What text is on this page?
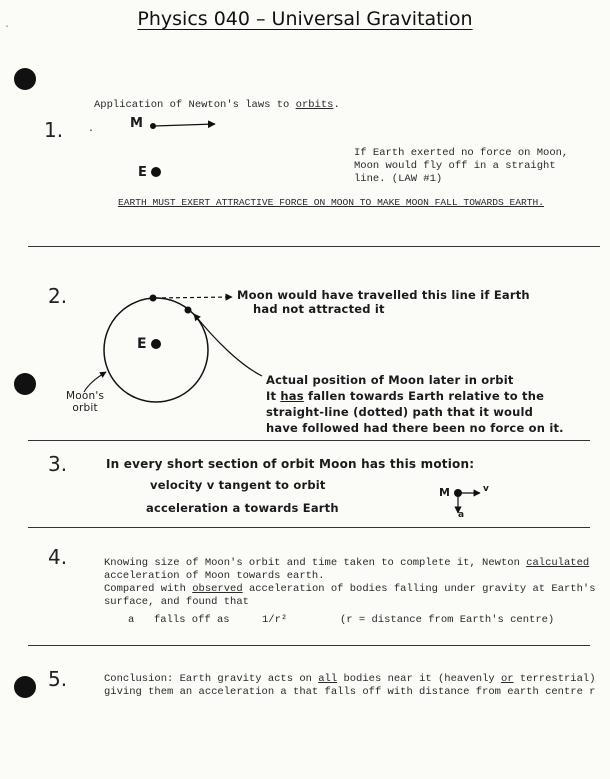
Physics 040 – Universal Gravitation
·
1. .
Application of Newton's laws to orbits.
M
E
If Earth exerted no force on Moon,
Moon would fly off in a straight
line. (LAW #1)
EARTH MUST EXERT ATTRACTIVE FORCE ON MOON TO MAKE MOON FALL TOWARDS EARTH.
2.
E
Moon's
orbit
Moon would have travelled this line if Earth
had not attracted it
Actual position of Moon later in orbit
It has fallen towards Earth relative to the
straight-line (dotted) path that it would
have followed had there been no force on it.
3.	In every short section of orbit Moon has this motion:
velocity v tangent to orbit
acceleration a towards Earth
M	v
a
4.	Knowing size of Moon's orbit and time taken to complete it, Newton calculated
acceleration of Moon towards earth.
Compared with observed acceleration of bodies falling under gravity at Earth's
surface, and found that
a falls off as	1/r²	(r = distance from Earth's centre)
5.	Conclusion: Earth gravity acts on all bodies near it (heavenly or terrestrial)
giving them an acceleration a that falls off with distance from earth centre r
